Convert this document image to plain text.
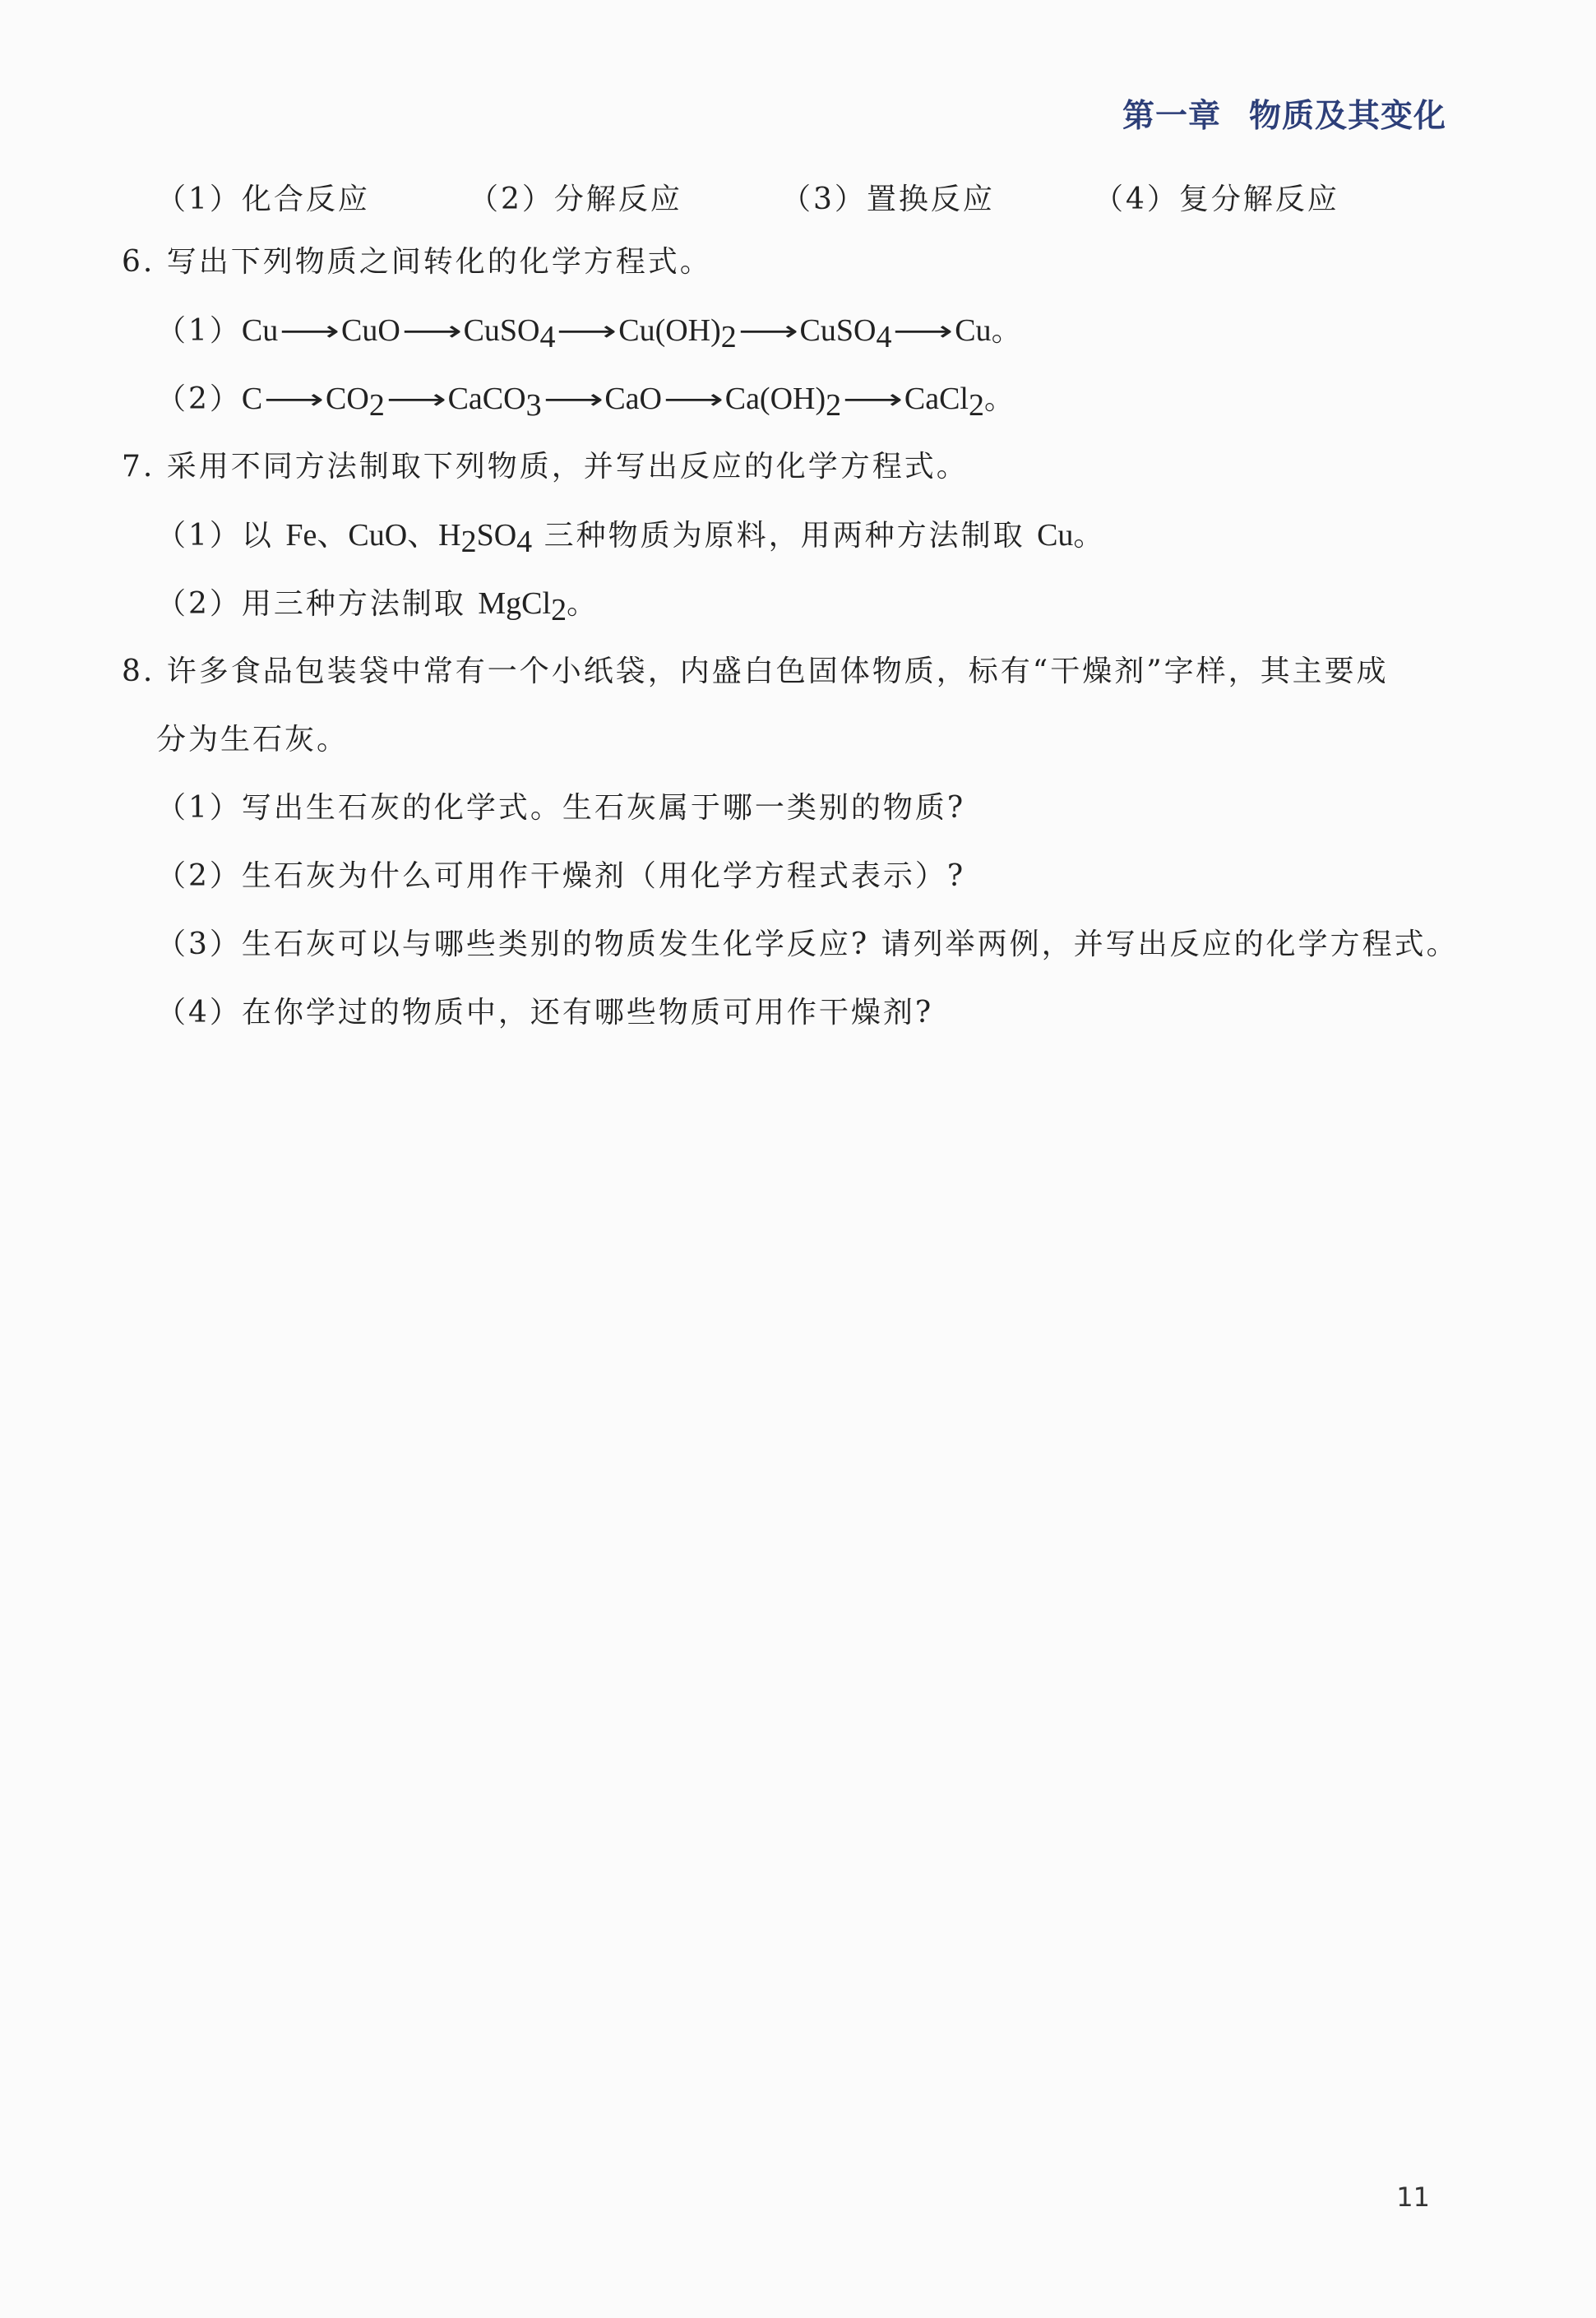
第一章 物质及其变化
（1）化合反应	（2）分解反应	（3）置换反应	（4）复分解反应
6. 写出下列物质之间转化的化学方程式。
$(1)Cu⟶CuO⟶CuSO_4⟶Cu(OH)_2⟶CuSO_4⟶Cu$。
$(2)C⟶CO_2⟶CaCO_3⟶CaO⟶Ca(OH)_2⟶CaCl_2$。
7. 采用不同方法制取下列物质，并写出反应的化学方程式。
（1）以 Fe、CuO、$H_2SO_4$ 三种物质为原料，用两种方法制取 Cu。
（2）用三种方法制取 MgCl$_2$。
8. 许多食品包装袋中常有一个小纸袋，内盛白色固体物质，标有“干燥剂”字样，其主要成
分为生石灰。
（1）写出生石灰的化学式。生石灰属于哪一类别的物质?
（2）生石灰为什么可用作干燥剂（用化学方程式表示）?
（3）生石灰可以与哪些类别的物质发生化学反应? 请列举两例，并写出反应的化学方程式。
（4）在你学过的物质中，还有哪些物质可用作干燥剂?
11
